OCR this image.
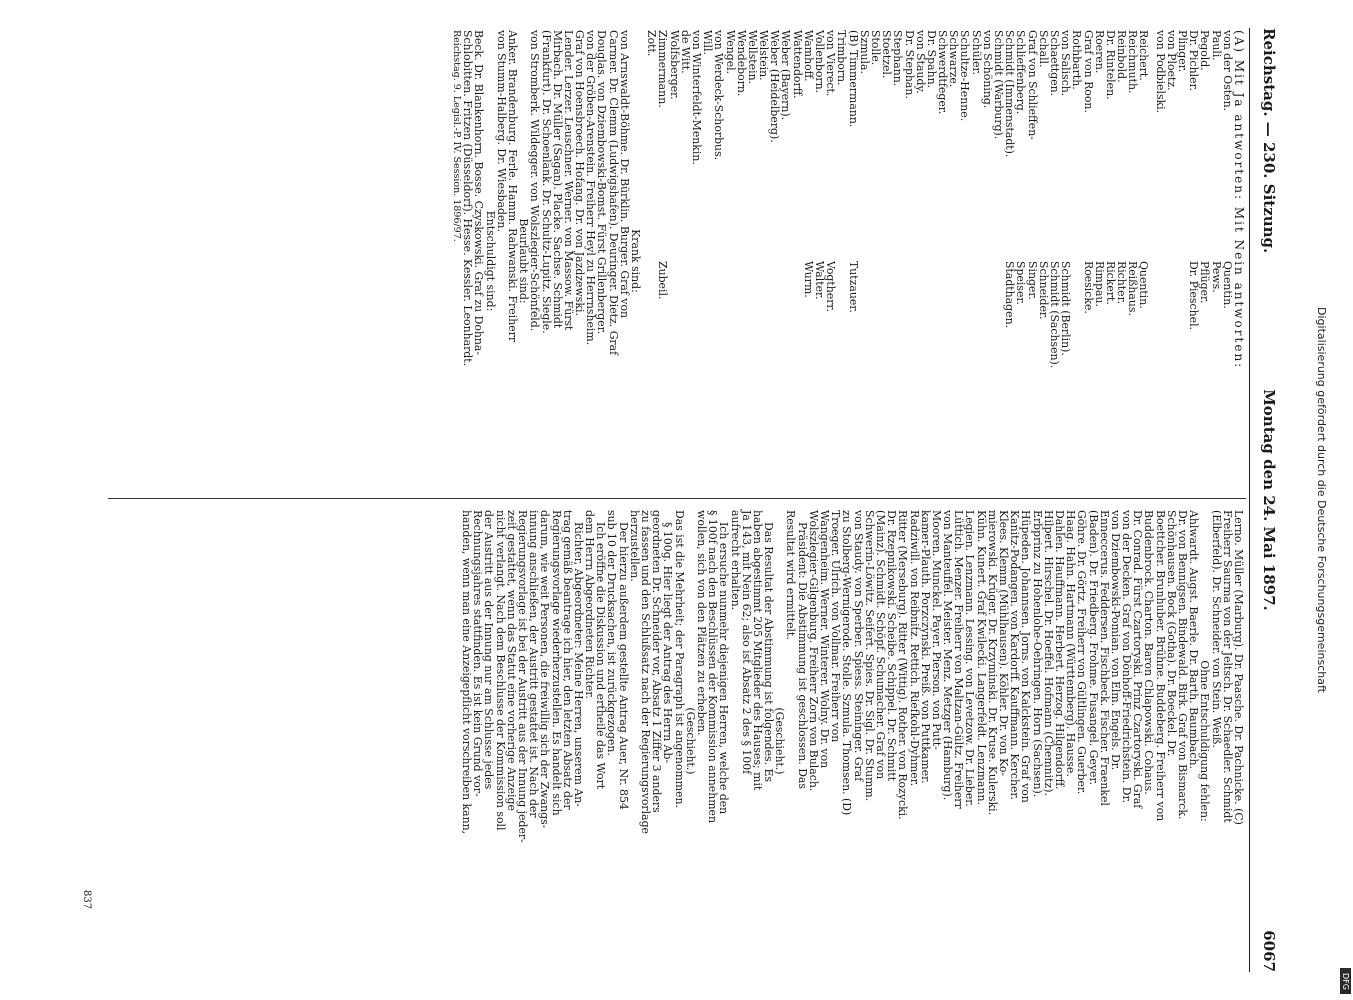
Reichstag. — 230. Sitzung.
Montag den 24. Mai 1897.
6067
(A) Mit Ja antworten: Mit Nein antworten:
von der Osten.
Quentin.
Pauli.
Pews.
Pegold.
Pflüger.
Dr. Pichler.
Dr. Pieschel.
Plinger.
von Ploetz.
von Podbielski.
Reichert.
Quentin.
Reichmuth.
Reißhaus.
Reinbold.
Richter.
Dr. Rintelen.
Rickert.
Roeren.
Rimpau.
Graf von Roon.
Roesicke.
Rothbarth.
von Salisch.
Schmidt (Berlin).
Schaettgen.
Schmidt (Sachsen).
Schall.
Schneider.
Graf von Schlieffen-
Singer.
Schlieffenberg.
Speiser.
Schmidt (Immenstadt).
Stadthagen.
Schmidt (Warburg).
von Schöning.
Schüler.
Schultze-Henne.
Schwarze.
Schwerdtfeger.
Dr. Spahn.
von Staudy.
Dr. Stephan.
Stephann.
Stoetzel.
Stolle.
Szmula.
(B) Timmermann.
Tutzauer.
Trimborn.
von Vierect.
Vogtherr.
Vollenborn.
Walter.
Wamhoff.
Wurm.
Wattendorff.
Weber (Bayern).
Weber (Heidelberg).
Welstein.
Wellstein.
Wendeborn.
Wengel.
von Werdeck-Schorbus.
Will.
von Winterfeldt-Menkin.
de Witt.
Wolfsberger.
Zimmermann.
Zubeil.
Zott.
Krank sind:
von Arnswaldt-Böhme. Dr. Bürklin. Burger. Graf von
Carmer. Dr. Clemm (Ludwigshafen). Deuringer. Dietz. Graf
Douglas. von Dziembowski-Bomst. Fürst Grillenberger.
von der Gröben-Arenstein. Freiherr Heyl zu Herrnsheim.
Graf von Hoensbroech. Hofang. Dr. von Jazdzewski.
Lender. Lerzer. Leuschner. Werner. von Massow. Fürst
Mirbach. Dr. Müller (Sagan). Placke. Sachse. Schmidt
(Frankfurt). Dr. Schoenlank. Dr. Schultz-Lupitz. Siegle.
von Stromberk. Wildegger. von Wolszlegier-Schönfeld.
Beurlaubt sind:
Anker. Brandenburg. Ferle. Hamm. Rahwanski. Freiherr
von Stumm-Halberg. Dr. Wiesbaden.
Entschuldigt sind:
Beck. Dr. Blankenhorn. Bosse. Czyskowski. Graf zu Dohna-
Schlobitten. Fritzen (Düsseldorf). Hesse. Kessler. Leonhardt.
Reichstag. 9. Legisl.-P. IV. Session. 1896/97.
Lerno. Müller (Marburg). Dr. Paasche. Dr. Pachnicke. (C)
Freiherr Saurma von der Jeltsch. Dr. Schaedler. Schmidt
(Elberfeld). Dr. Schneider. von Stein. Weiß.
Ohne Entschuldigung fehlen:
Ahlwardt. Augst. Baerle. Dr. Barth. Baumbach.
Dr. von Bennigsen. Bindewald. Birk. Graf von Bismarck.
Schönhausen. Bock (Gotha). Dr. Boeckel. Dr.
Boettcher. Brunhuber. Brühne. Buddeberg. Freiherr von
Buddenbrock. Charton. Baron Chlapowski. Cohaus.
Dr. Conrad. Fürst Czartoryski. Prinz Czartoryski. Graf
von der Decken. Graf von Dönhoff-Friedrichstein. Dr.
von Dziembowski-Pomian. von Elm. Engels. Dr.
Enneccerus. Feddersen. Fischbeck. Fischer. Fraenkel
(Baden). Dr. Friedberg. Frohme. Fusangel. Geyer.
Göhre. Dr. Görtz. Freiherr von Gültlingen. Guerber.
Haag. Hahn. Hartmann (Württemberg). Hausse.
Dahlen. Hauffmann. Herbert. Herzog. Hilgendorff.
Hilpert. Hirschel. Dr. Hoeffel. Hofmann (Chemnitz).
Erbprinz zu Hohenlohe-Oehringen. Horn (Sachsen).
Hüpeden. Johannsen. Jorns. von Kalckstein. Graf von
Kanitz-Podangen. von Kardorff. Kauffmann. Kercher.
Klees. Klemm (Mühlhausen). Köhler. Dr. von Ko-
mierowski. Krüger. Dr. Krzyminski. Dr. Kruse. Kulerski.
Kühn. Kunert. Graf Kwilecki. Langerfeldt. Lenzmann.
Legien. Lenzmann. Lessing. von Levetzow. Dr. Lieber.
Lüttich. Menzer. Freiherr von Maltzan-Gültz. Freiherr
von Manteuffel. Meister. Menz. Metzger (Hamburg).
Mooren. Munckel. Payer. Pierson. von Putt-
kamer-Plauth. Porzczynski. Preiß. von Puttkamer.
Radziwill. von Reibnitz. Rettich. Riefkohl-Dyhmer.
Ritter (Merseburg). Ritter (Wittig). Rother. von Rozycki.
Dr. Rzepnikowski. Scheibe. Schippel. Dr. Schmitt
(Mainz). Schmidt. Schöpf. Schumacher. Graf von
Schwerin-Löwitz. Seifert. Spies. Dr. Sigl. Dr. Stumm.
von Staudy. von Sperber. Spiess. Steininger. Graf
zu Stolberg-Wernigerode. Stolle. Szmula. Thomsen. (D)
Troeger. Ulrich. von Vollmar. Freiherr von
Wangenheim. Werner. Winterer. Wolny. Dr. von
Wolszlegier-Gilgenburg. Freiherr Zorn von Bulach.
Präsident: Die Abstimmung ist geschlossen. Das
Resultat wird ermittelt.
(Geschieht.)
Das Resultat der Abstimmung ist folgendes. Es
haben abgestimmt 205 Mitglieder des Hauses; mit
Ja 143, mit Nein 62; also ist Absatz 2 des § 100f
aufrecht erhalten.
Ich ersuche nunmehr diejenigen Herren, welche den
§ 100f nach den Beschlüssen der Kommission annehmen
wollen, sich von den Plätzen zu erheben.
(Geschieht.)
Das ist die Mehrheit; der Paragraph ist angenommen.
§ 100g. Hier liegt der Antrag des Herrn Ab-
geordneten Dr. Schneider vor, Absatz 1 Ziffer 3 anders
zu fassen und den Schlußsatz nach der Regierungsvorlage
herzustellen.
Der hierzu außerdem gestellte Antrag Auer, Nr. 854
sub 10 der Drucksachen, ist zurückgezogen.
Ich eröffne die Diskussion und ertheile das Wort
dem Herrn Abgeordneten Richter.
Richter, Abgeordneter: Meine Herren, unserem An-
trag gemäß beantrage ich hier, den letzten Absatz der
Regierungsvorlage wiederherzustellen. Es handelt sich
darum, wie weit Personen, die freiwillig sich der Zwangs-
innung anschließen, der Austritt gestattet ist. Nach der
Regierungsvorlage ist bei der Austritt aus der Innung jeder-
zeit gestattet, wenn das Statut eine vorherige Anzeige
nicht verlangt. Nach dem Beschlusse der Kommission soll
der Austritt aus der Innung nur am Schlusse jedes
Rechnungsjahres stattfinden. Es ist kein Grund vor-
handen, wenn man eine Anzeigepflicht vorschreiben kann,
837
Digitalisierung gefördert durch die Deutsche Forschungsgemeinschaft
DFG
